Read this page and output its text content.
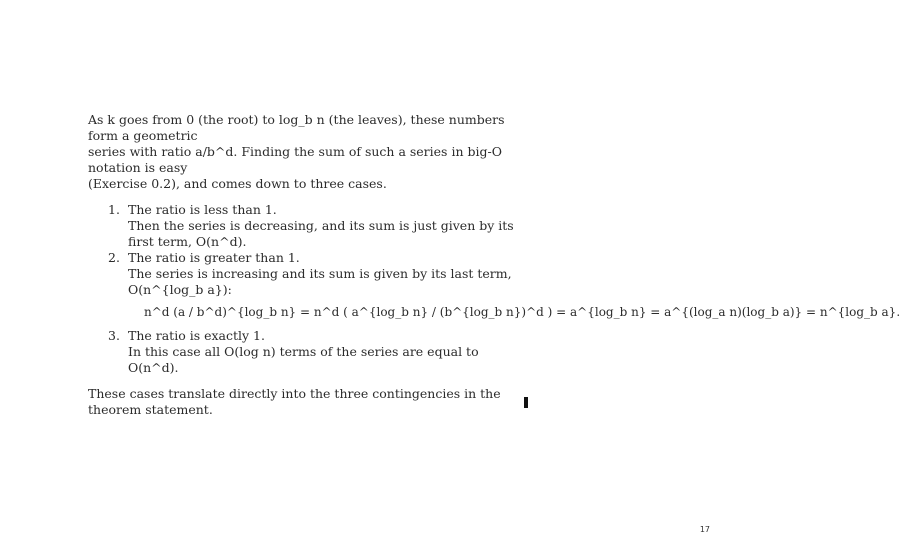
As k goes from 0 (the root) to log_b n (the leaves), these numbers form a geometric

series with ratio a/b^d. Finding the sum of such a series in big-O notation is easy

(Exercise 0.2), and comes down to three cases.

1. The ratio is less than 1.
Then the series is decreasing, and its sum is just given by its first term, O(n^d).
2. The ratio is greater than 1.
The series is increasing and its sum is given by its last term, O(n^{log_b a}):
n^d (a / b^d)^{log_b n} = n^d ( a^{log_b n} / (b^{log_b n})^d ) = a^{log_b n} = a^{(log_a n)(log_b a)} = n^{log_b a}.
3. The ratio is exactly 1.
In this case all O(log n) terms of the series are equal to O(n^d).
These cases translate directly into the three contingencies in the theorem statement.
17
